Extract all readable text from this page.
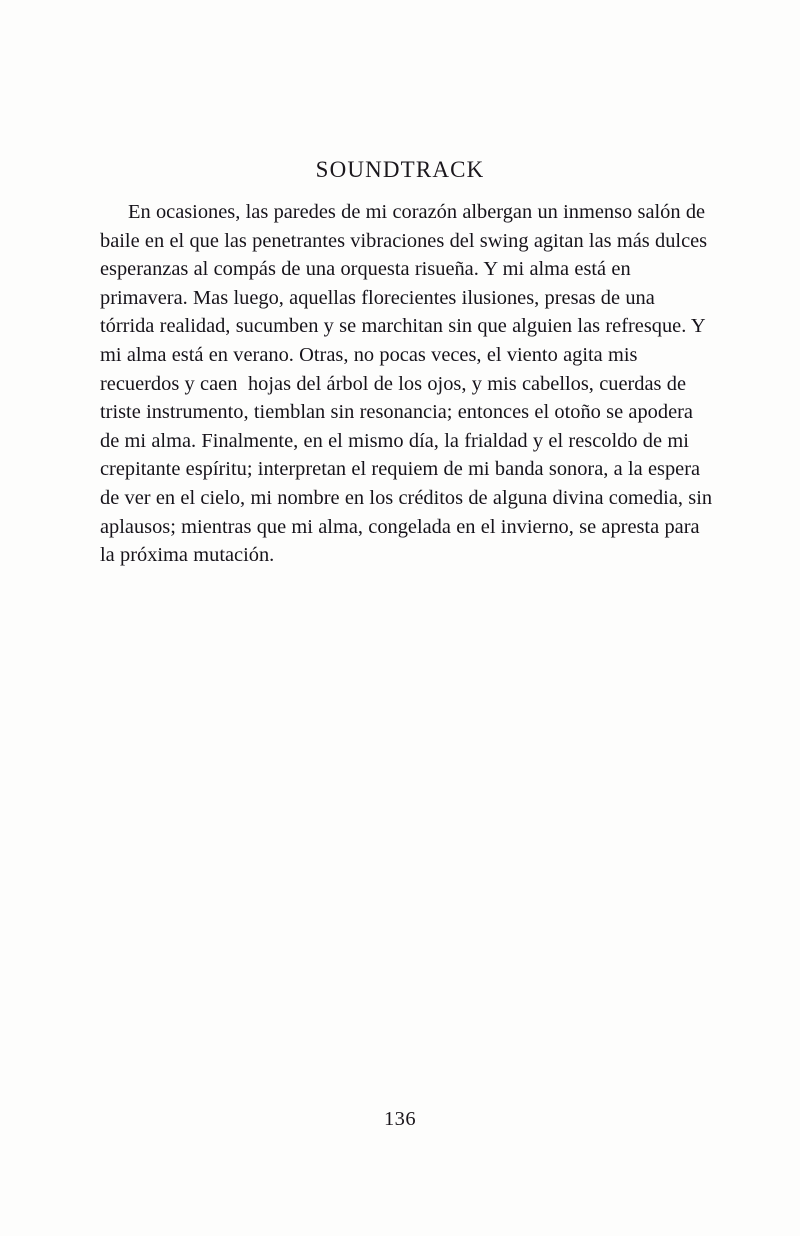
SOUNDTRACK

En ocasiones, las paredes de mi corazón albergan un inmenso salón de baile en el que las penetrantes vibraciones del swing agitan las más dulces esperanzas al compás de una orquesta risueña. Y mi alma está en primavera. Mas luego, aquellas florecientes ilusiones, presas de una tórrida realidad, sucumben y se marchitan sin que alguien las refresque. Y mi alma está en verano. Otras, no pocas veces, el viento agita mis recuerdos y caen  hojas del árbol de los ojos, y mis cabellos, cuerdas de triste instrumento, tiemblan sin resonancia; entonces el otoño se apodera de mi alma. Finalmente, en el mismo día, la frialdad y el rescoldo de mi crepitante espíritu; interpretan el requiem de mi banda sonora, a la espera de ver en el cielo, mi nombre en los créditos de alguna divina comedia, sin aplausos; mientras que mi alma, congelada en el invierno, se apresta para la próxima mutación.

136
